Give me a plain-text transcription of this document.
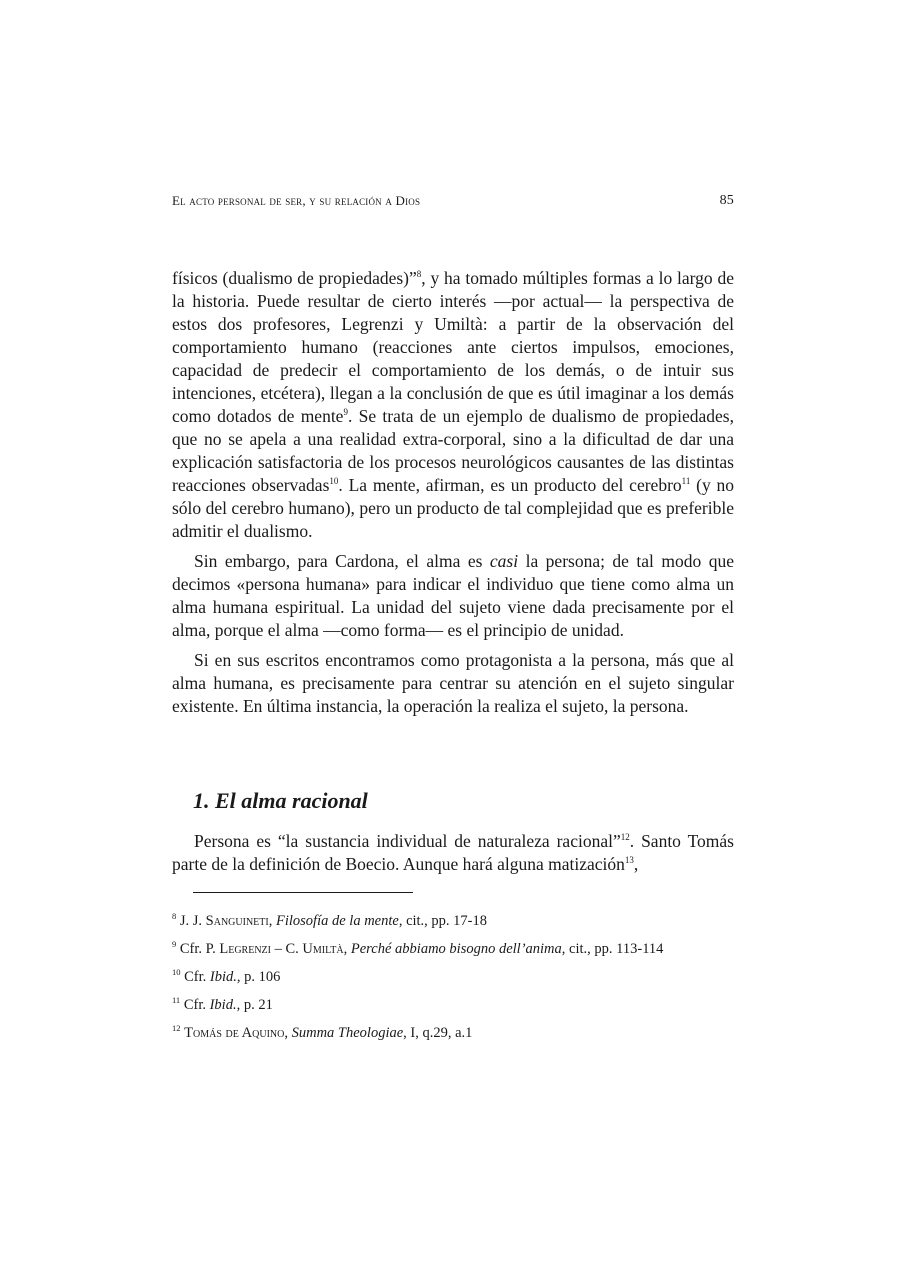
El acto personal de ser, y su relación a Dios	85

físicos (dualismo de propiedades)”$^8$, y ha tomado múltiples formas a lo largo de la historia. Puede resultar de cierto interés —por actual— la perspectiva de estos dos profesores, Legrenzi y Umiltà: a partir de la observación del comportamiento humano (reacciones ante ciertos impulsos, emociones, capacidad de predecir el comportamiento de los demás, o de intuir sus intenciones, etcétera), llegan a la conclusión de que es útil imaginar a los demás como dotados de mente$^9$. Se trata de un ejemplo de dualismo de propiedades, que no se apela a una realidad extra-corporal, sino a la dificultad de dar una explicación satisfactoria de los procesos neurológicos causantes de las distintas reacciones observadas$^{10}$. La mente, afirman, es un producto del cerebro$^{11}$ (y no sólo del cerebro humano), pero un producto de tal complejidad que es preferible admitir el dualismo.

Sin embargo, para Cardona, el alma es casi la persona; de tal modo que decimos «persona humana» para indicar el individuo que tiene como alma un alma humana espiritual. La unidad del sujeto viene dada precisamente por el alma, porque el alma —como forma— es el principio de unidad.

Si en sus escritos encontramos como protagonista a la persona, más que al alma humana, es precisamente para centrar su atención en el sujeto singular existente. En última instancia, la operación la realiza el sujeto, la persona.

1. El alma racional

Persona es “la sustancia individual de naturaleza racional”$^{12}$. Santo Tomás parte de la definición de Boecio. Aunque hará alguna matización$^{13}$,

$^8$ J. J. Sanguineti, Filosofía de la mente, cit., pp. 17-18
$^9$ Cfr. P. Legrenzi – C. Umiltà, Perché abbiamo bisogno dell’anima, cit., pp. 113-114
$^{10}$ Cfr. Ibid., p. 106
$^{11}$ Cfr. Ibid., p. 21
$^{12}$ Tomás de Aquino, Summa Theologiae, I, q.29, a.1
